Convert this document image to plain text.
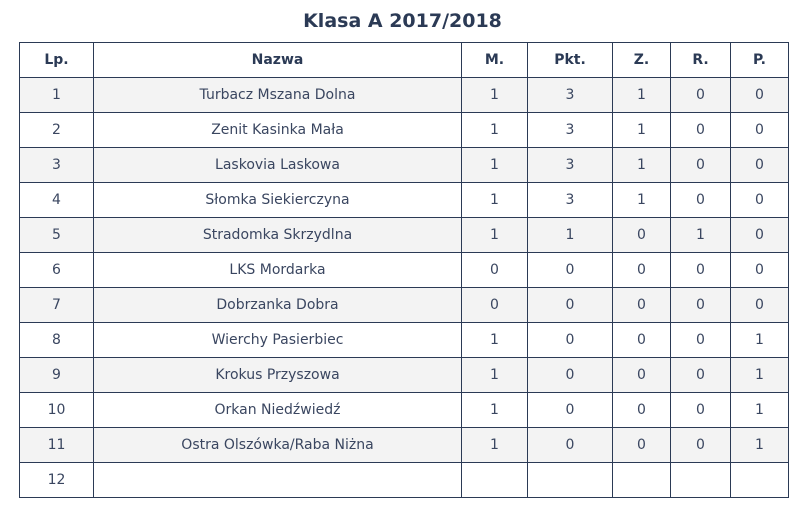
Klasa A 2017/2018
Lp.	Nazwa	M.	Pkt.	Z.	R.	P.
1	Turbacz Mszana Dolna	1	3	1	0	0
2	Zenit Kasinka Mała	1	3	1	0	0
3	Laskovia Laskowa	1	3	1	0	0
4	Słomka Siekierczyna	1	3	1	0	0
5	Stradomka Skrzydlna	1	1	0	1	0
6	LKS Mordarka	0	0	0	0	0
7	Dobrzanka Dobra	0	0	0	0	0
8	Wierchy Pasierbiec	1	0	0	0	1
9	Krokus Przyszowa	1	0	0	0	1
10	Orkan Niedźwiedź	1	0	0	0	1
11	Ostra Olszówka/Raba Niżna	1	0	0	0	1
12						
